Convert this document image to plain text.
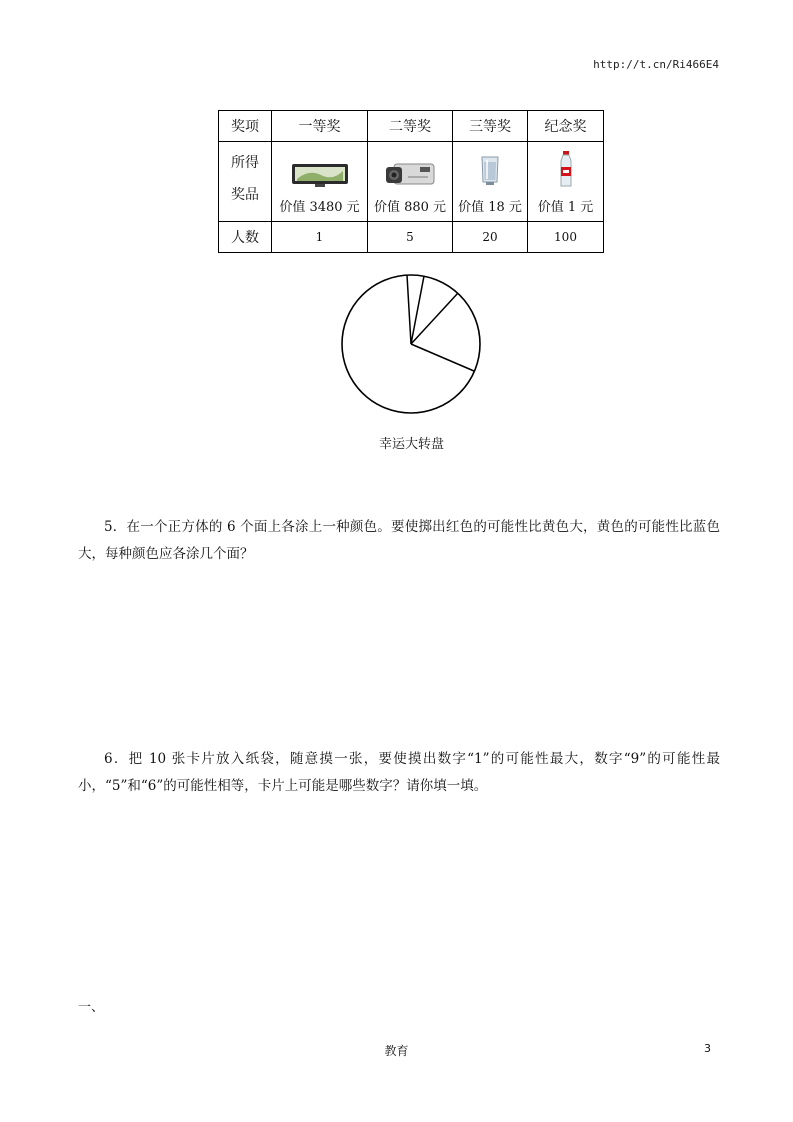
http://t.cn/Ri466E4
奖项	一等奖	二等奖	三等奖	纪念奖
所得
奖品	价值 3480 元	价值 880 元	价值 18 元	价值 1 元
人数	1	5	20	100
幸运大转盘
5．在一个正方体的 6 个面上各涂上一种颜色。要使掷出红色的可能性比黄色大，黄色的可能性比蓝色大，每种颜色应各涂几个面？
6．把 10 张卡片放入纸袋，随意摸一张，要使摸出数字“1”的可能性最大，数字“9”的可能性最小，“5”和“6”的可能性相等，卡片上可能是哪些数字？请你填一填。
一、
教育	3
